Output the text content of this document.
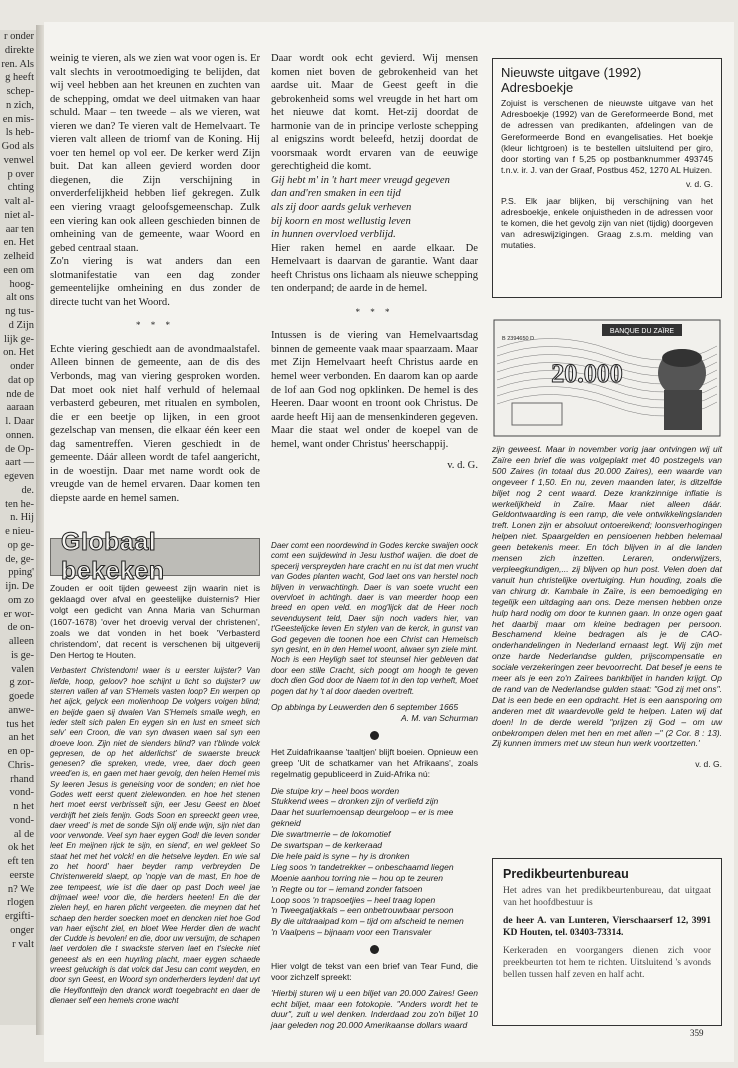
r onder
direkte
ren. Als
g heeft
schep-
n zich,
en mis-
ls heb-
God als
venwel
p over
chting
valt al-
niet al-
aar ten
en. Het
zelheid
een om
hoog-
alt ons
ng tus-
d Zijn
lijk ge-
on. Het
onder
dat op
nde de
aaraan
l. Daar
onnen.
de Op-
aart —
egeven
de.
ten he-
n. Hij
e nieu-
op ge-
de, ge-
pping'
ijn. De
om zo
er wor-
de on-
alleen
is ge-
valen
g zor-
goede
anwe-
tus het
an het
en op-
Chris-
rhand
vond-
n het
vond-
al de
ok het
eft ten
eerste
n? We
rlogen
ergifti-
onger
r valt

weinig te vieren, als we zien wat voor ogen is. Er valt slechts in verootmoediging te belijden, dat wij veel hebben aan het kreunen en zuchten van de schepping, omdat we deel uitmaken van haar schuld. Maar – ten tweede – als we vieren, wat vieren we dan? Te vieren valt de Hemelvaart. Te vieren valt alleen de triomf van de Koning. Hij voer ten hemel op vol eer. De kerker werd Zijn buit. Dat kan alleen gevierd worden door diegenen, die Zijn verschijning in onverderfelijkheid hebben lief gekregen. Zulk een viering vraagt geloofsgemeenschap. Zulk een viering kan ook alleen geschieden binnen de omheining van de gemeente, waar Woord en gebed centraal staan.

Zo'n viering is wat anders dan een slotmanifestatie van een dag zonder gemeentelijke omheining en dus zonder de directe tucht van het Woord.

* * *

Echte viering geschiedt aan de avondmaalstafel. Alleen binnen de gemeente, aan de dis des Verbonds, mag van viering gesproken worden. Dat moet ook niet half verhuld of helemaal verbasterd gebeuren, met ritualen en symbolen, die er een beetje op lijken, in een groot gezelschap van mensen, die elkaar één keer een dag samentreffen. Vieren geschiedt in de gemeente. Dáár alleen wordt de tafel aangericht, in de woestijn. Daar met name wordt ook de vreugde van de hemel ervaren. Daar komen ten diepste aarde en hemel samen.

Daar wordt ook echt gevierd. Wij mensen komen niet boven de gebrokenheid van het aardse uit. Maar de Geest geeft in die gebrokenheid soms wel vreugde in het hart om het nieuwe dat komt. Het-zij doordat de harmonie van de in principe verloste schepping al enigszins wordt beleefd, hetzij doordat de voorsmaak wordt ervaren van de eeuwige gerechtigheid die komt.

Gij hebt m' in 't hart meer vreugd gegeven
dan and'ren smaken in een tijd
als zij door aards geluk verheven
bij koorn en most wellustig leven
in hunnen overvloed verblijd.

Hier raken hemel en aarde elkaar. De Hemelvaart is daarvan de garantie. Want daar heeft Christus ons lichaam als nieuwe schepping ten onderpand; de aarde in de hemel.

* * *

Intussen is de viering van Hemelvaartsdag binnen de gemeente vaak maar spaarzaam. Maar met Zijn Hemelvaart heeft Christus aarde en hemel weer verbonden. En daarom kan op aarde de lof aan God nog opklinken. De hemel is des Heeren. Daar woont en troont ook Christus. De aarde heeft Hij aan de mensenkinderen gegeven. Maar die staat wel onder de koepel van de hemel, want onder Christus' heerschappij.

v. d. G.
Nieuwste uitgave (1992) Adresboekje
Zojuist is verschenen de nieuwste uitgave van het Adresboekje (1992) van de Gereformeerde Bond, met de adressen van predikanten, afdelingen van de Gereformeerde Bond en evangelisaties. Het boekje (kleur lichtgroen) is te bestellen uitsluitend per giro, door storting van f 5,25 op postbanknummer 493745 t.n.v. ir. J. van der Graaf, Postbus 452, 1270 AL Huizen.
v. d. G.
P.S. Elk jaar blijken, bij verschijning van het adresboekje, enkele onjuistheden in de adressen voor te komen, die het gevolg zijn van niet (tijdig) doorgeven van adreswijzigingen. Graag z.s.m. melding van mutaties.
BANQUE DU ZAÏRE
B 2394650 D
20.000
zijn geweest. Maar in november vorig jaar ontvingen wij uit Zaïre een brief die was volgeplakt met 40 postzegels van 500 Zaires (in totaal dus 20.000 Zaires), een waarde van ongeveer f 1,50. En nu, zeven maanden later, is ditzelfde biljet nog 2 cent waard. Deze krankzinnige inflatie is werkelijkheid in Zaïre. Maar niet alleen dáár. Geldontwaarding is een ramp, die vele ontwikkelingslanden treft. Lonen zijn er absoluut ontoereikend; loonsverhogingen helpen niet. Spaargelden en pensioenen hebben helemaal geen betekenis meer. En tóch blijven in al die landen mensen zich inzetten. Leraren, onderwijzers, verpleegkundigen,... zij blijven op hun post. Velen doen dat vanuit hun christelijke overtuiging. Hun houding, zoals die van chirurg dr. Kambale in Zaïre, is een bemoediging en tegelijk een uitdaging aan ons. Deze mensen hebben onze hulp hard nodig om door te kunnen gaan. In onze ogen gaat het daarbij maar om kleine bedragen per persoon. Beschamend kleine bedragen als je de CAO-onderhandelingen in Nederland ernaast legt. Wij zijn met onze harde Nederlandse gulden, prijscompensatie en sociale verzekeringen zeer bevoorrecht. Dat besef je eens te meer als je een zo'n Zaïrees bankbiljet in handen krijgt. Op de rand van de Nederlandse gulden staat: "God zij met ons". Dat is een bede en een opdracht. Het is een aansporing om anderen met dit waardevolle geld te helpen. Laten wij dat doen! In de derde wereld "prijzen zij God – om uw onbekrompen delen met hen en met allen –" (2 Cor. 8 : 13). Zij kunnen immers met uw steun hun werk voortzetten.'
v. d. G.
Globaal bekeken
Zouden er ooit tijden geweest zijn waarin niet is geklaagd over afval en geestelijke duisternis? Hier volgt een gedicht van Anna Maria van Schurman (1607-1678) 'over het droevig verval der christenen', zoals we dat vonden in het boek 'Verbasterd christendom', dat recent is verschenen bij uitgeverij Den Hertog te Houten.
Verbastert Christendom! waer is u eerster luijster? Van liefde, hoop, geloov? hoe schijnt u licht so duijster? uw sterren vallen af van S'Hemels vasten loop? En werpen op het aijck, gelyck een molienhoop De volgers voigen blind; en beijde gaen sij dwalen Van S'Hemels smalle wegh, en ieder stelt sich palen En eygen sin en lust en smeet sich selv' een Croon, die van syn dwasen waen sal syn een droeve loon. Zijn niet de sienders blind? van t'blinde volck gepresen, de op het alderlichst' de swaerste breuck genesen? die spreken, vrede, vree, daer doch geen vreed'en is, en gaen met haer gevolg, den helen Hemel mis Sy leeren Jesus is geneising voor de sonden; en niet hoe Godes wett eerst quent zielewonden. en hoe het stenen hert moet eerst verbrisselt sijn, eer Jesu Geest en bloet verdrijft het ziels fenijn. Gods Soon en spreeckt geen vree, daer vreed' is met de sonde Sijn olij ende wijn, sijn niet dan voor verwonde. Veel syn haer eygen God! die leven sonder leet En meijnen rijck te sijn, en siend', en wel gekleet So staat het met het volck! en die hetselve leyden. En wie sal zo het hoord' haer beyder ramp verbreyden De Christenwereld slaept, op 'nopje van de mast, En hoe de zee tempeest, wie ist die daer op past Doch weel jae drijmael wee! voor die, die herders heeten! En die der zielen heyl, en haren plicht vergeeten. die meynen dat het schaep den herder soecken moet en dencken niet hoe God van haer eijscht ziel, en bloet Wee Herder dien de wacht der Cudde is bevolen! en die, door uw versuijm, de schapen laet verdolen die t swackste sterven laet en t'siecke niet geneest als en een huyrling placht, maer eygen schaede vreest geluckigh is dat volck dat Jesu can comt weyden, en door syn Geest, en Woord syn onderherders leyden! dat uyt die Heylfontteijn den dranck wordt toegebracht en daer de dienaer self een hemels crone wacht
Daer comt een noordewind in Godes kercke swaijen oock comt een suijdewind in Jesu lusthof waijen. die doet de specerij verspreyden hare cracht en nu ist dat men vrucht van Godes planten wacht, God laet ons van herstel noch blijven in verwachtingh. Daer is van soete vrucht een overvloet in achtingh. daer is van meerder hoop een breed en open veld. en mog'lijck dat de Heer noch sevenduysent teld, Daer sijn noch vaders hier, van t'Geestelijcke leven En stylen van de kerck, in gunst van God gegeven die toonen hoe een Christ can Hemelsch syn gesint, en in den Hemel woont, alwaer syn ziele mint. Noch is een Heyligh saet tot steunsel hier gebleven dat door een stille Cracht, sich poogt om hoogh te geven doch dien God door de Naem tot in den top verheft, Moet pogen dat hy 't al door daeden overtreft.
Op abbinga by Leuwerden den 6 september 1665
A. M. van Schurman
Het Zuidafrikaanse 'taaltjen' blijft boeien. Opnieuw een greep 'Uit de schatkamer van het Afrikaans', zoals regelmatig gepubliceerd in Zuid-Afrika nú:
Die stuipe kry – heel boos worden
Stukkend wees – dronken zijn of verliefd zijn
Daar het suurlemoensap deurgeloop – er is mee gekneid
Die swartmerrie – de lokomotief
De swartspan – de kerkeraad
Die hele paid is syne – hy is dronken
Lieg soos 'n tandetrekker – onbeschaamd liegen
Moenie aanhou torring nie – hou op te zeuren
'n Regte ou tor – iemand zonder fatsoen
Loop soos 'n trapsoetjies – heel traag lopen
'n Tweegatjakkals – een onbetrouwbaar persoon
By die uitdraaipad kom – tijd om afscheid te nemen
'n Vaalpens – bijnaam voor een Transvaler
Hier volgt de tekst van een brief van Tear Fund, die voor zichzelf spreekt:
'Hierbij sturen wij u een biljet van 20.000 Zaires! Geen echt biljet, maar een fotokopie. "Anders wordt het te duur", zult u wel denken. Inderdaad zou zo'n biljet 10 jaar geleden nog 20.000 Amerikaanse dollars waard
Predikbeurtenbureau
Het adres van het predikbeurtenbureau, dat uitgaat van het hoofdbestuur is
de heer A. van Lunteren, Vierschaarserf 12, 3991 KD Houten, tel. 03403-73314.
Kerkeraden en voorgangers dienen zich voor preekbeurten tot hem te richten. Uitsluitend 's avonds bellen tussen half zeven en half acht.
359
